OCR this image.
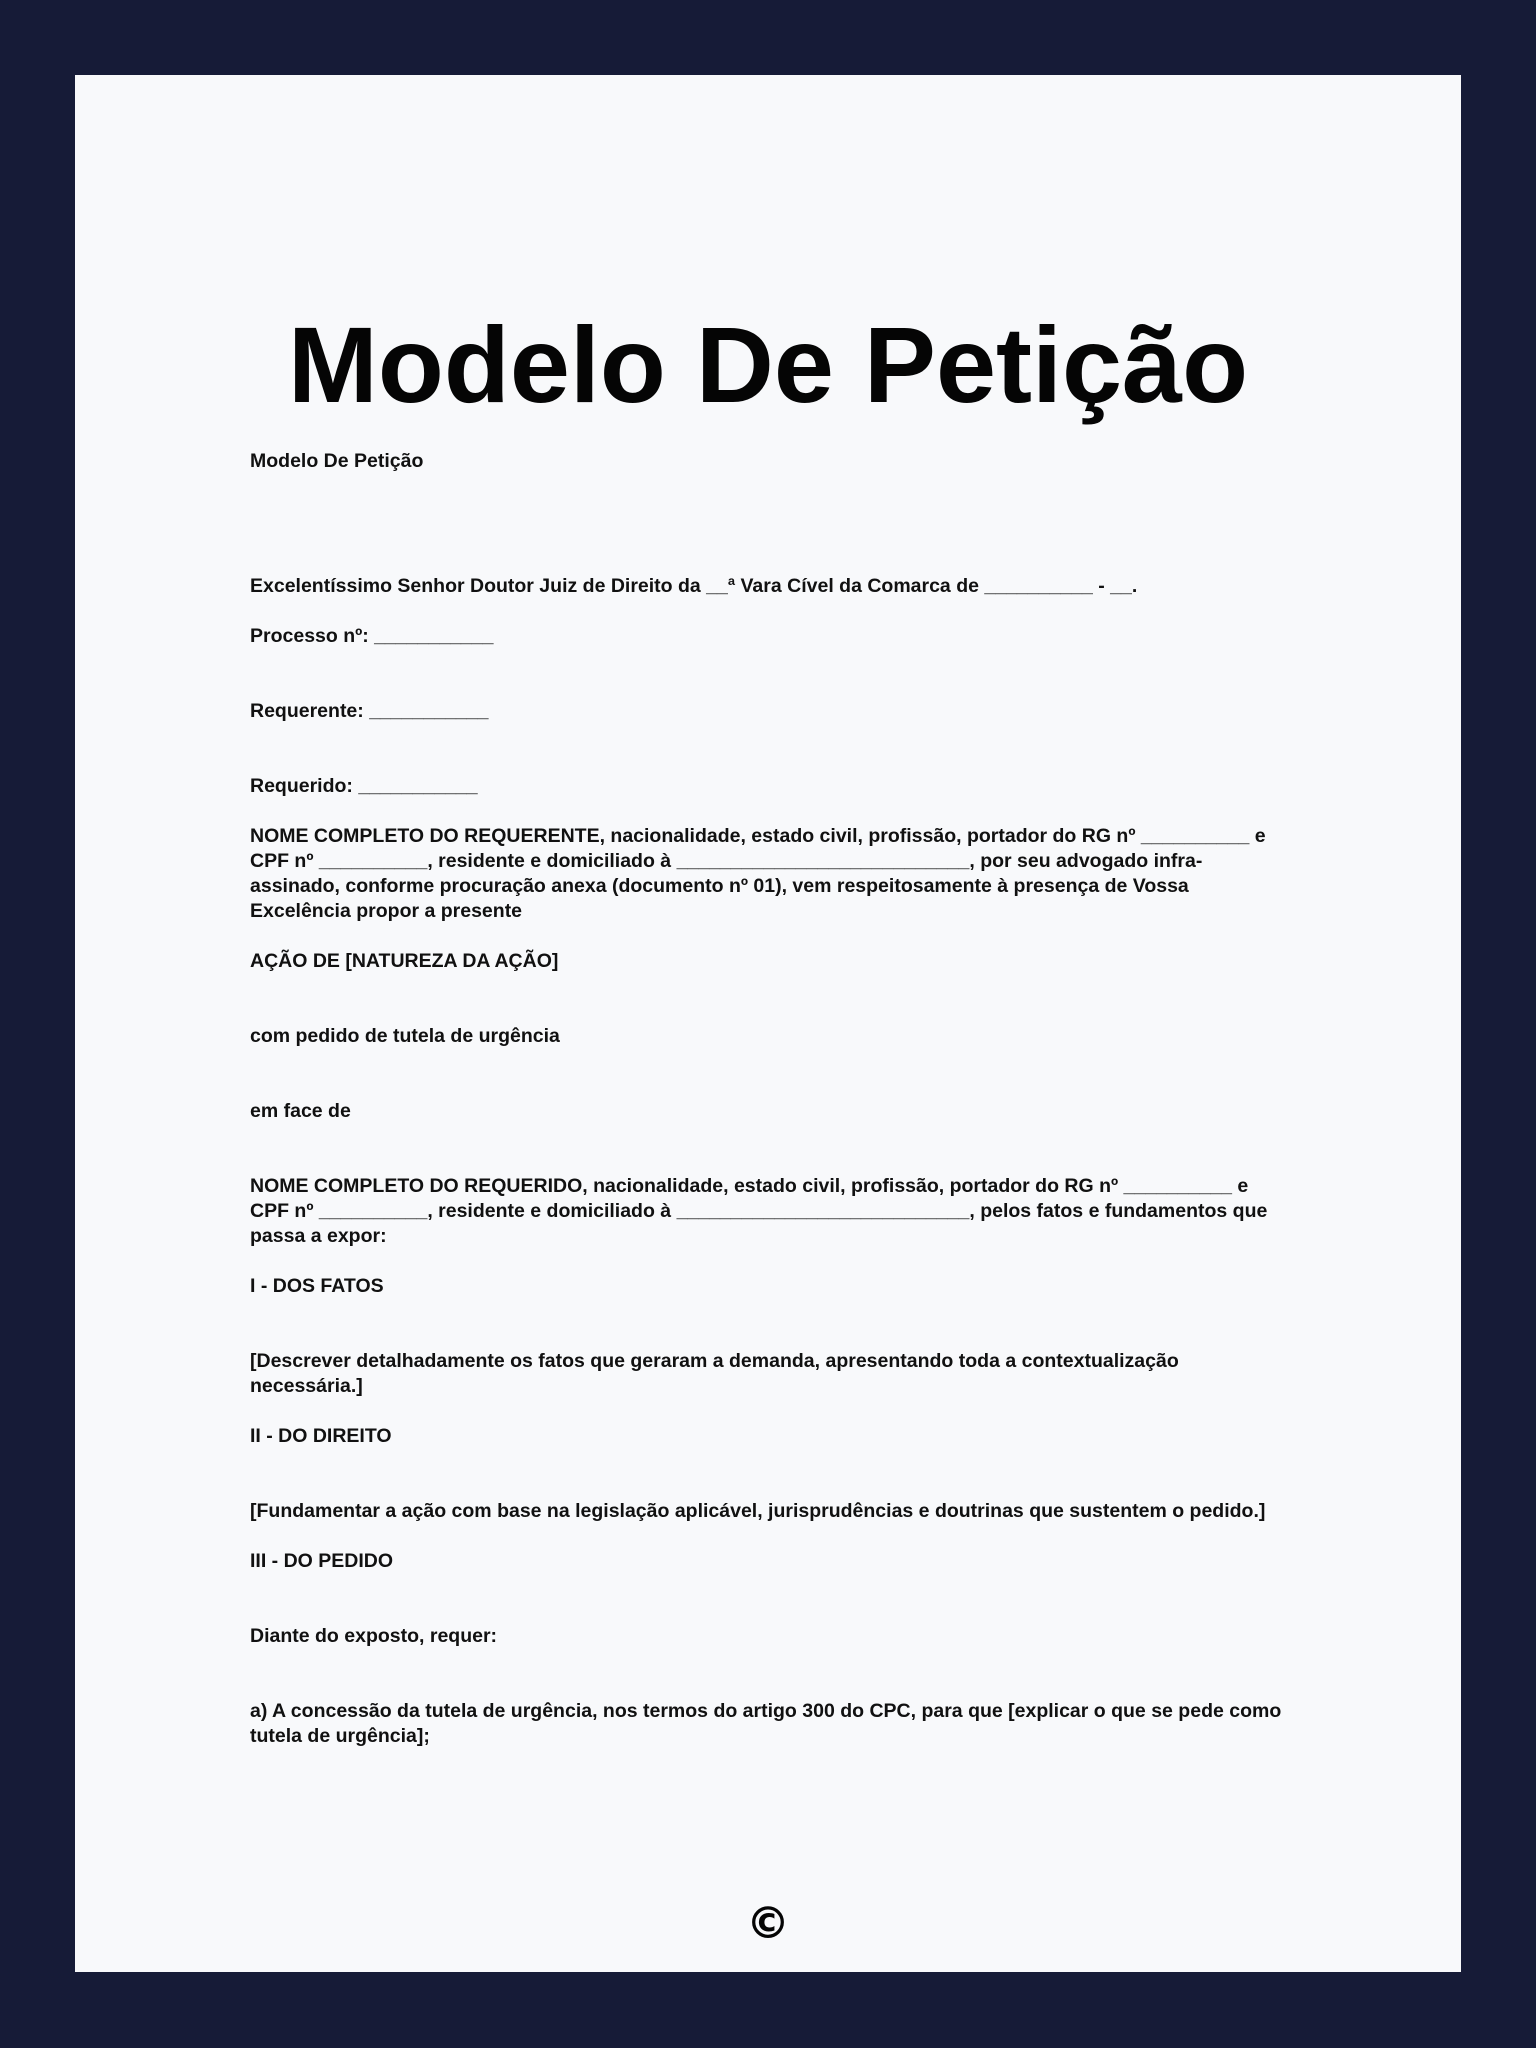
Modelo De Petição

Modelo De Petição

Excelentíssimo Senhor Doutor Juiz de Direito da __ª Vara Cível da Comarca de __________ - __.

Processo nº: ___________

Requerente: ___________

Requerido: ___________

NOME COMPLETO DO REQUERENTE, nacionalidade, estado civil, profissão, portador do RG nº __________ e CPF nº __________, residente e domiciliado à ___________________________, por seu advogado infra-assinado, conforme procuração anexa (documento nº 01), vem respeitosamente à presença de Vossa Excelência propor a presente

AÇÃO DE [NATUREZA DA AÇÃO]

com pedido de tutela de urgência

em face de

NOME COMPLETO DO REQUERIDO, nacionalidade, estado civil, profissão, portador do RG nº __________ e CPF nº __________, residente e domiciliado à ___________________________, pelos fatos e fundamentos que passa a expor:

I - DOS FATOS

[Descrever detalhadamente os fatos que geraram a demanda, apresentando toda a contextualização necessária.]

II - DO DIREITO

[Fundamentar a ação com base na legislação aplicável, jurisprudências e doutrinas que sustentem o pedido.]

III - DO PEDIDO

Diante do exposto, requer:

a) A concessão da tutela de urgência, nos termos do artigo 300 do CPC, para que [explicar o que se pede como tutela de urgência];

©
